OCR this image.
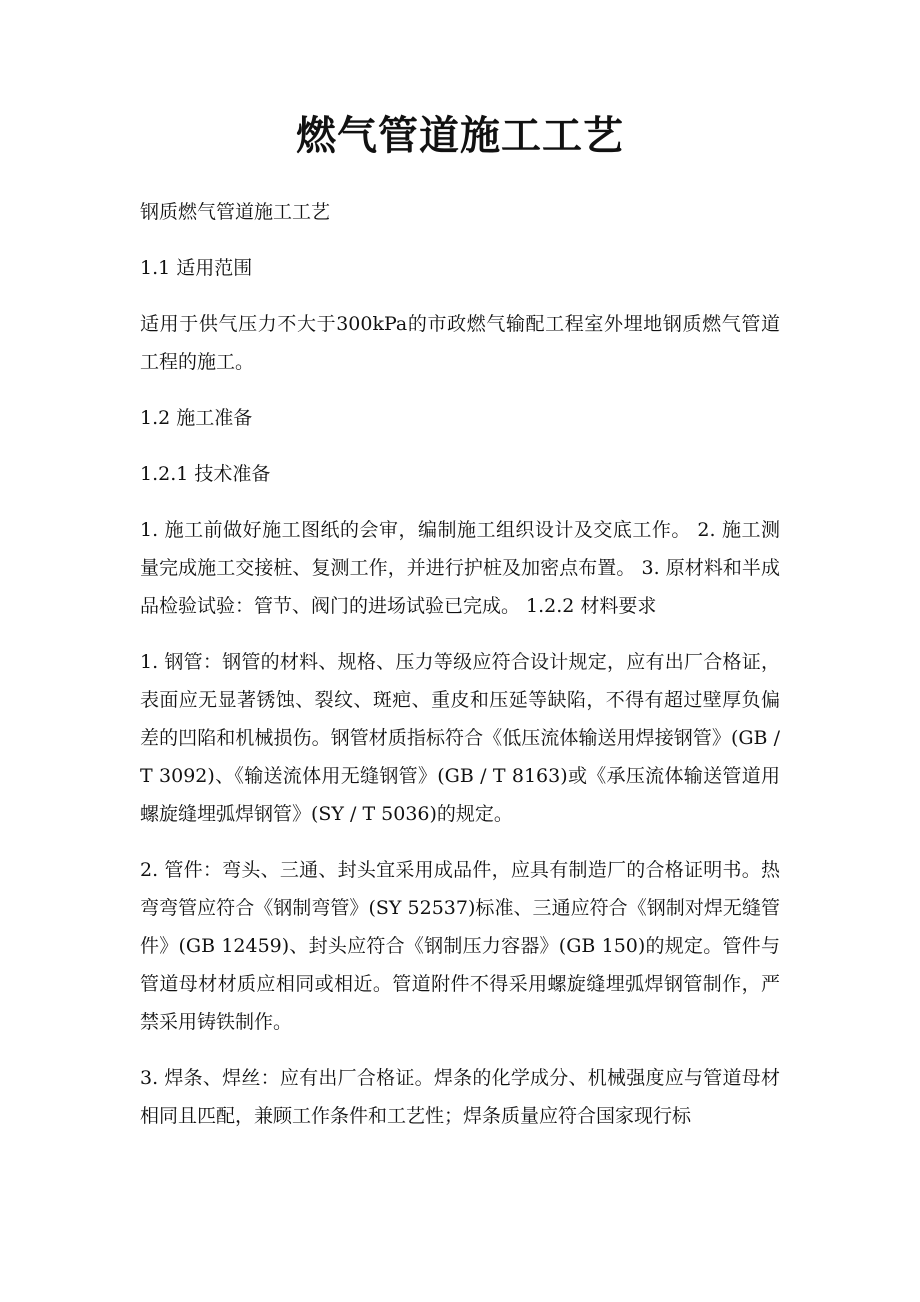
燃气管道施工工艺

钢质燃气管道施工工艺

1.1 适用范围

适用于供气压力不大于300kPa的市政燃气输配工程室外埋地钢质燃气管道工程的施工。

1.2 施工准备

1.2.1 技术准备

1. 施工前做好施工图纸的会审，编制施工组织设计及交底工作。 2. 施工测量完成施工交接桩、复测工作，并进行护桩及加密点布置。 3. 原材料和半成品检验试验：管节、阀门的进场试验已完成。 1.2.2 材料要求

1. 钢管：钢管的材料、规格、压力等级应符合设计规定，应有出厂合格证，表面应无显著锈蚀、裂纹、斑疤、重皮和压延等缺陷，不得有超过壁厚负偏差的凹陷和机械损伤。钢管材质指标符合《低压流体输送用焊接钢管》(GB / T 3092)、《输送流体用无缝钢管》(GB / T 8163)或《承压流体输送管道用螺旋缝埋弧焊钢管》(SY / T 5036)的规定。

2. 管件：弯头、三通、封头宜采用成品件，应具有制造厂的合格证明书。热弯弯管应符合《钢制弯管》(SY 52537)标准、三通应符合《钢制对焊无缝管件》(GB 12459)、封头应符合《钢制压力容器》(GB 150)的规定。管件与管道母材材质应相同或相近。管道附件不得采用螺旋缝埋弧焊钢管制作，严禁采用铸铁制作。

3. 焊条、焊丝：应有出厂合格证。焊条的化学成分、机械强度应与管道母材相同且匹配，兼顾工作条件和工艺性；焊条质量应符合国家现行标
